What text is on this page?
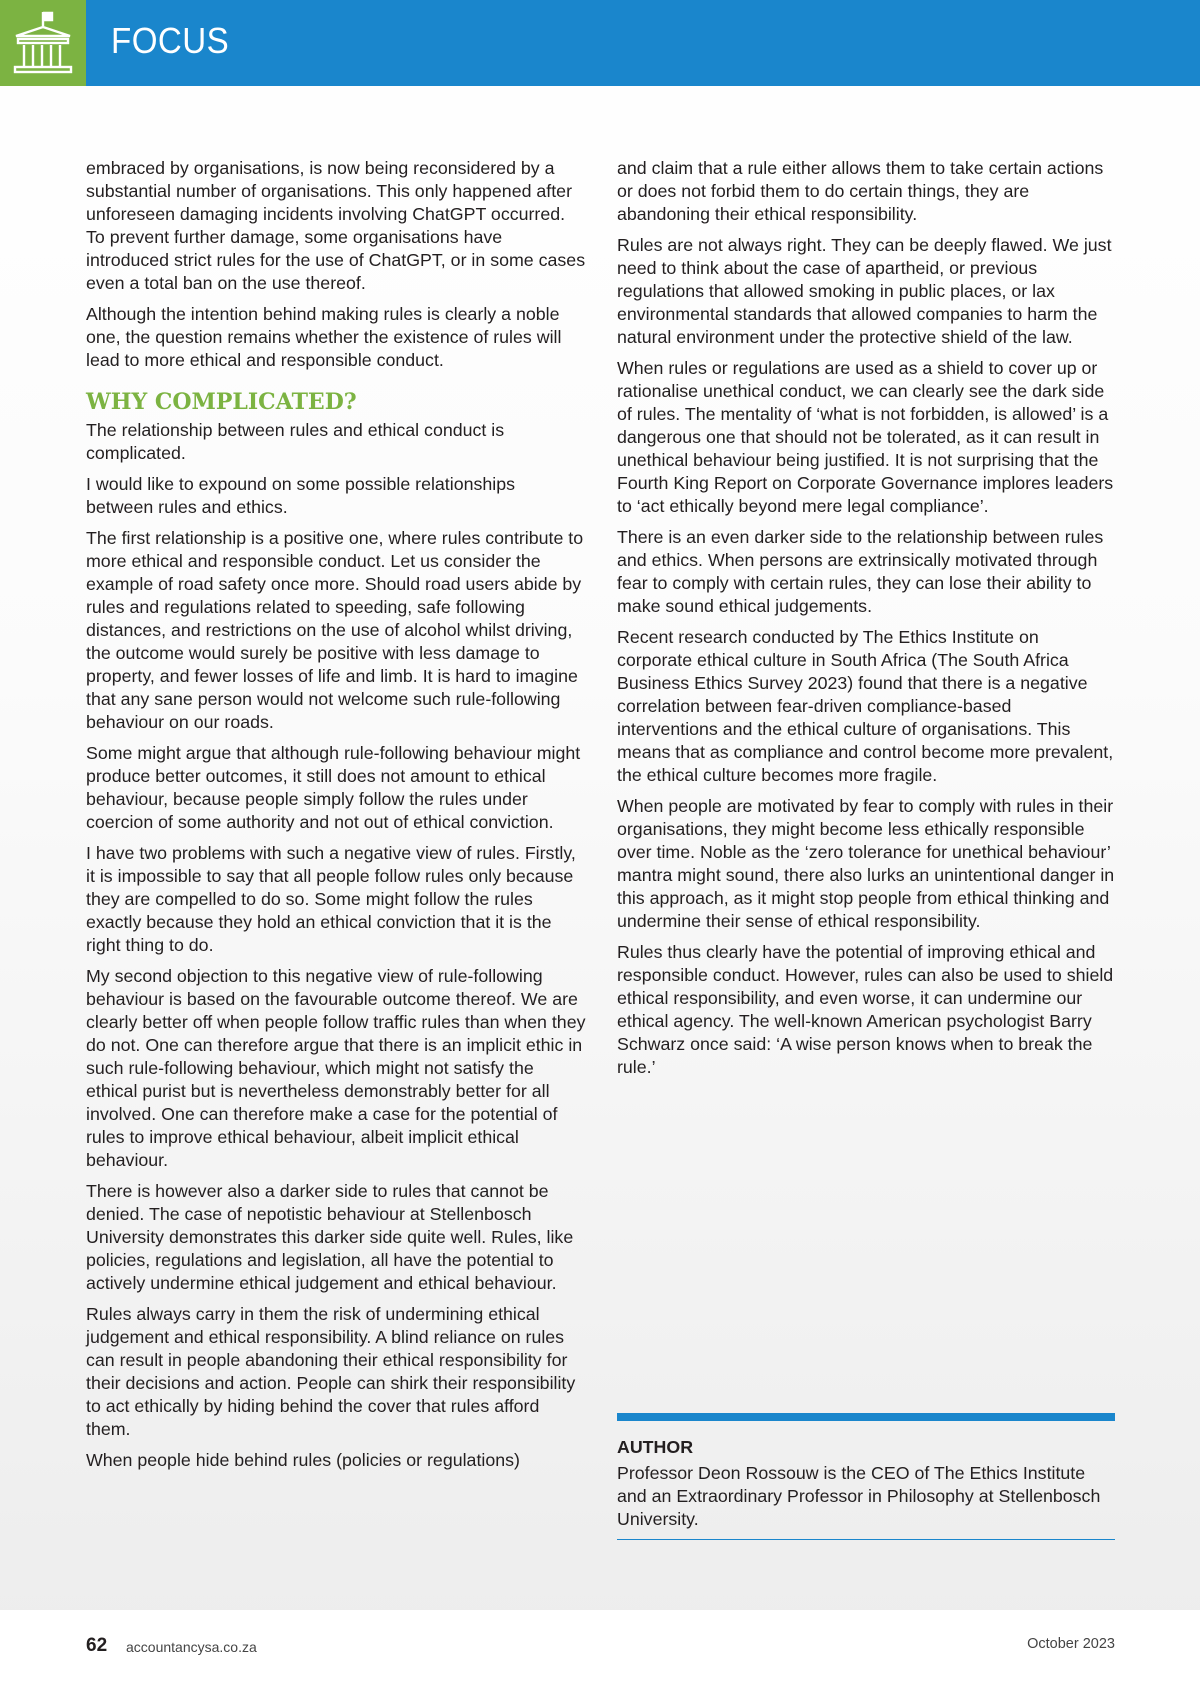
FOCUS

embraced by organisations, is now being reconsidered by a substantial number of organisations. This only happened after unforeseen damaging incidents involving ChatGPT occurred. To prevent further damage, some organisations have introduced strict rules for the use of ChatGPT, or in some cases even a total ban on the use thereof.

Although the intention behind making rules is clearly a noble one, the question remains whether the existence of rules will lead to more ethical and responsible conduct.

WHY COMPLICATED?

The relationship between rules and ethical conduct is complicated.

I would like to expound on some possible relationships between rules and ethics.

The first relationship is a positive one, where rules contribute to more ethical and responsible conduct. Let us consider the example of road safety once more. Should road users abide by rules and regulations related to speeding, safe following distances, and restrictions on the use of alcohol whilst driving, the outcome would surely be positive with less damage to property, and fewer losses of life and limb. It is hard to imagine that any sane person would not welcome such rule-following behaviour on our roads.

Some might argue that although rule-following behaviour might produce better outcomes, it still does not amount to ethical behaviour, because people simply follow the rules under coercion of some authority and not out of ethical conviction.

I have two problems with such a negative view of rules. Firstly, it is impossible to say that all people follow rules only because they are compelled to do so. Some might follow the rules exactly because they hold an ethical conviction that it is the right thing to do.

My second objection to this negative view of rule-following behaviour is based on the favourable outcome thereof. We are clearly better off when people follow traffic rules than when they do not. One can therefore argue that there is an implicit ethic in such rule-following behaviour, which might not satisfy the ethical purist but is nevertheless demonstrably better for all involved. One can therefore make a case for the potential of rules to improve ethical behaviour, albeit implicit ethical behaviour.

There is however also a darker side to rules that cannot be denied. The case of nepotistic behaviour at Stellenbosch University demonstrates this darker side quite well. Rules, like policies, regulations and legislation, all have the potential to actively undermine ethical judgement and ethical behaviour.

Rules always carry in them the risk of undermining ethical judgement and ethical responsibility. A blind reliance on rules can result in people abandoning their ethical responsibility for their decisions and action. People can shirk their responsibility to act ethically by hiding behind the cover that rules afford them.

When people hide behind rules (policies or regulations)

and claim that a rule either allows them to take certain actions or does not forbid them to do certain things, they are abandoning their ethical responsibility.

Rules are not always right. They can be deeply flawed. We just need to think about the case of apartheid, or previous regulations that allowed smoking in public places, or lax environmental standards that allowed companies to harm the natural environment under the protective shield of the law.

When rules or regulations are used as a shield to cover up or rationalise unethical conduct, we can clearly see the dark side of rules. The mentality of ‘what is not forbidden, is allowed’ is a dangerous one that should not be tolerated, as it can result in unethical behaviour being justified. It is not surprising that the Fourth King Report on Corporate Governance implores leaders to ‘act ethically beyond mere legal compliance’.

There is an even darker side to the relationship between rules and ethics. When persons are extrinsically motivated through fear to comply with certain rules, they can lose their ability to make sound ethical judgements.

Recent research conducted by The Ethics Institute on corporate ethical culture in South Africa (The South Africa Business Ethics Survey 2023) found that there is a negative correlation between fear-driven compliance-based interventions and the ethical culture of organisations. This means that as compliance and control become more prevalent, the ethical culture becomes more fragile.

When people are motivated by fear to comply with rules in their organisations, they might become less ethically responsible over time. Noble as the ‘zero tolerance for unethical behaviour’ mantra might sound, there also lurks an unintentional danger in this approach, as it might stop people from ethical thinking and undermine their sense of ethical responsibility.

Rules thus clearly have the potential of improving ethical and responsible conduct. However, rules can also be used to shield ethical responsibility, and even worse, it can undermine our ethical agency. The well-known American psychologist Barry Schwarz once said: ‘A wise person knows when to break the rule.’

AUTHOR
Professor Deon Rossouw is the CEO of The Ethics Institute and an Extraordinary Professor in Philosophy at Stellenbosch University.
62 accountancysa.co.za	October 2023
